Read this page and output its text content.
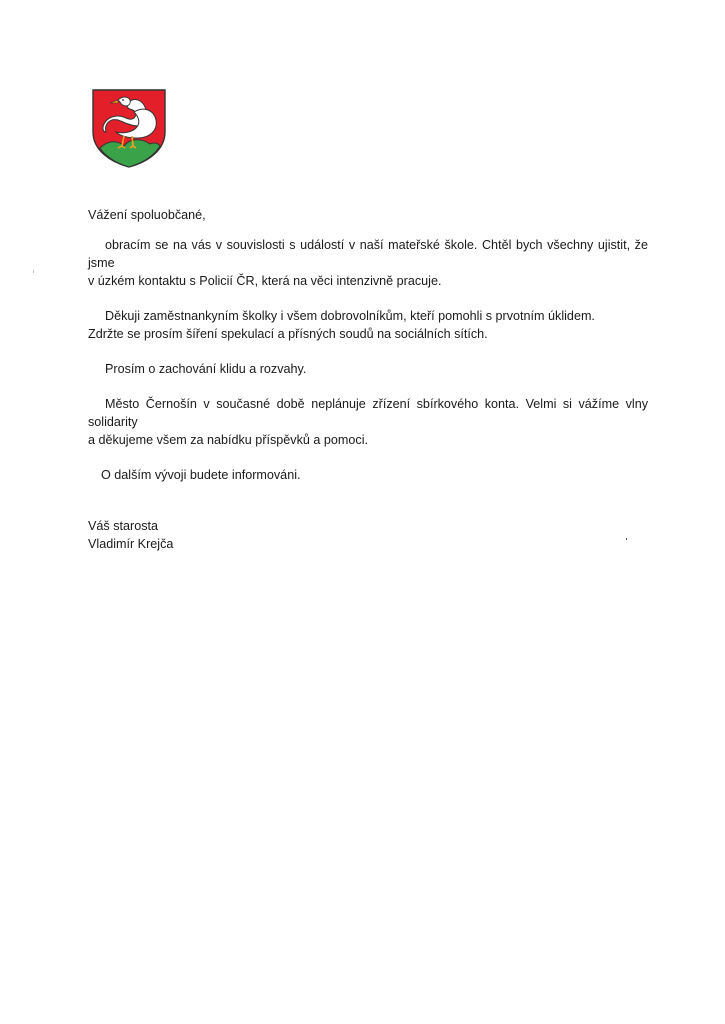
Vážení spoluobčané,

obracím se na vás v souvislosti s událostí v naší mateřské škole. Chtěl bych všechny ujistit, že jsme

v úzkém kontaktu s Policií ČR, která na věci intenzivně pracuje.

Děkuji zaměstnankyním školky i všem dobrovolníkům, kteří pomohli s prvotním úklidem.

Zdržte se prosím šíření spekulací a přísných soudů na sociálních sítích.

Prosím o zachování klidu a rozvahy.

Město Černošín v současné době neplánuje zřízení sbírkového konta. Velmi si vážíme vlny solidarity

a děkujeme všem za nabídku příspěvků a pomoci.

O dalším vývoji budete informováni.

Váš starosta
Vladimír Krejča
